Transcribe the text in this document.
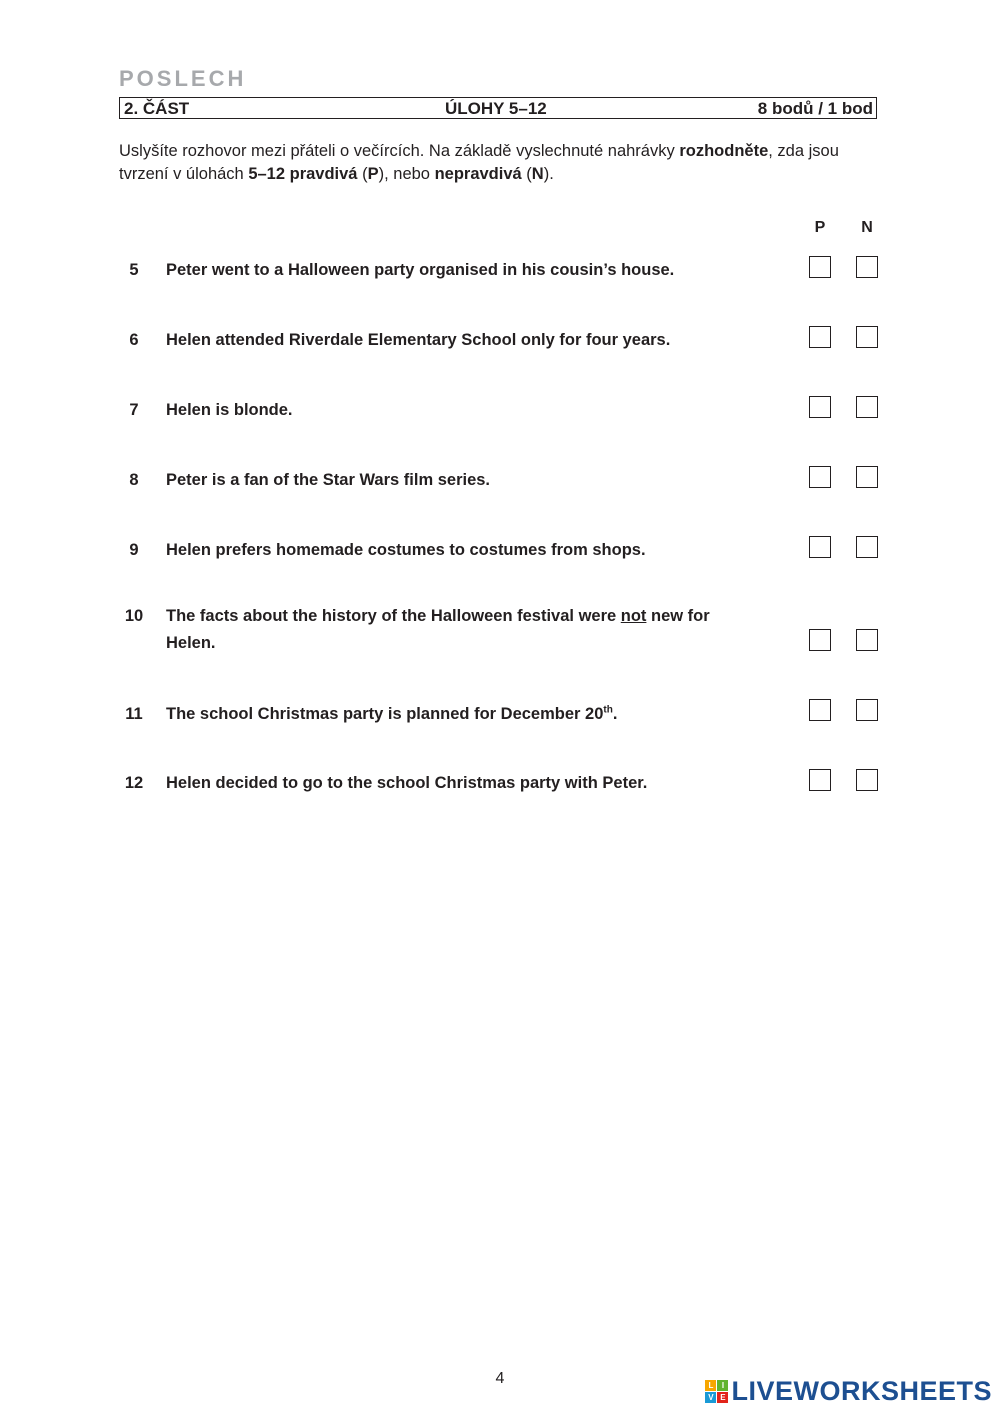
POSLECH
2. ČÁST	ÚLOHY 5–12	8 bodů / 1 bod
Uslyšíte rozhovor mezi přáteli o večírcích. Na základě vyslechnuté nahrávky rozhodněte, zda jsou tvrzení v úlohách 5–12 pravdivá (P), nebo nepravdivá (N).
P	N
5	Peter went to a Halloween party organised in his cousin’s house.
6	Helen attended Riverdale Elementary School only for four years.
7	Helen is blonde.
8	Peter is a fan of the Star Wars film series.
9	Helen prefers homemade costumes to costumes from shops.
10	The facts about the history of the Halloween festival were not new for Helen.
11	The school Christmas party is planned for December 20th.
12	Helen decided to go to the school Christmas party with Peter.
4	L	I
V E LIVEWORKSHEETS
